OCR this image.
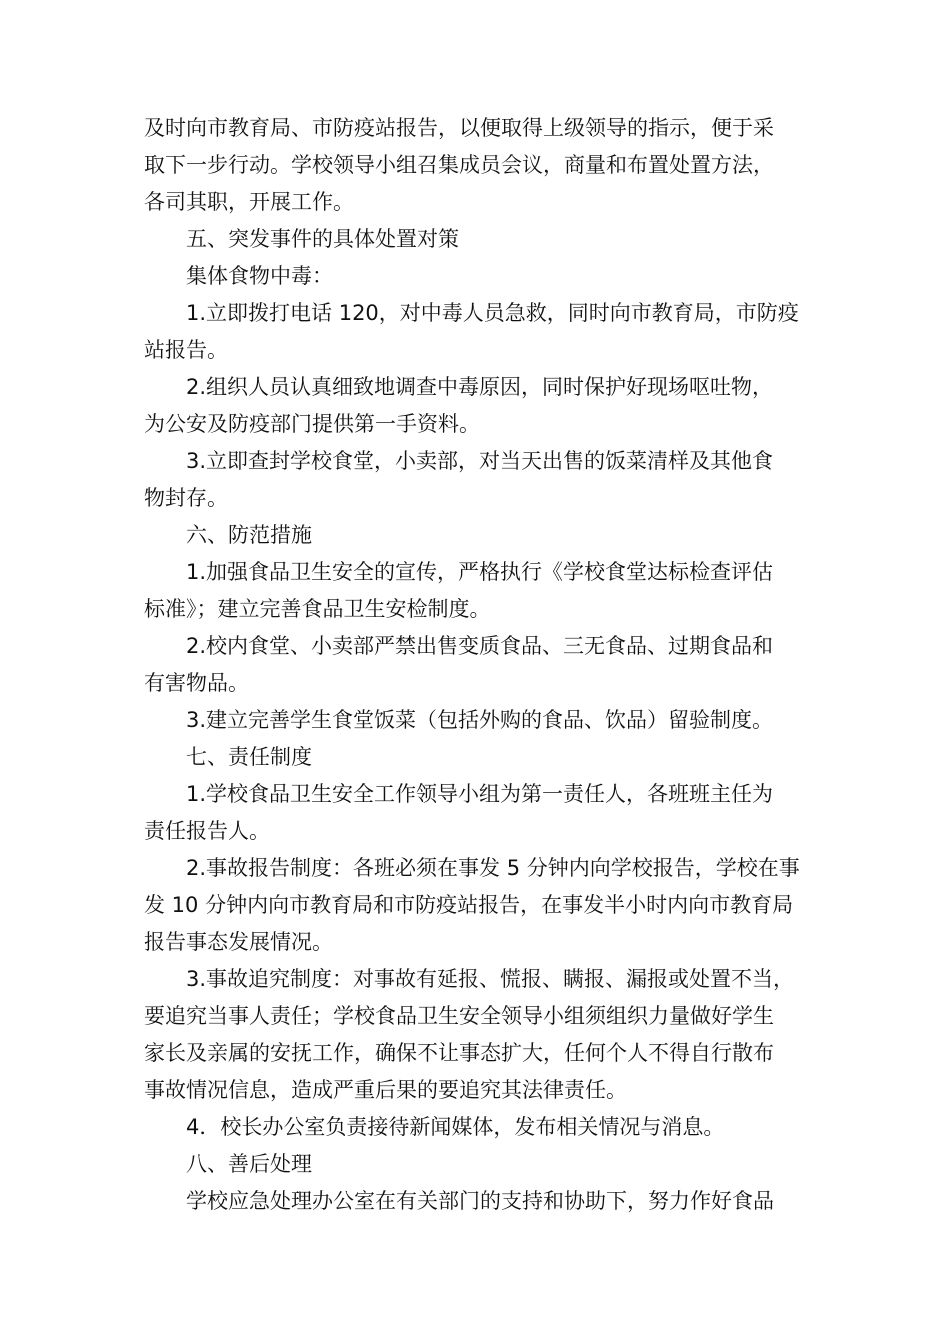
及时向市教育局、市防疫站报告，以便取得上级领导的指示，便于采
取下一步行动。学校领导小组召集成员会议，商量和布置处置方法，
各司其职，开展工作。
五、突发事件的具体处置对策
集体食物中毒：
1.立即拨打电话 120，对中毒人员急救，同时向市教育局，市防疫
站报告。
2.组织人员认真细致地调查中毒原因，同时保护好现场呕吐物，
为公安及防疫部门提供第一手资料。
3.立即查封学校食堂，小卖部，对当天出售的饭菜清样及其他食
物封存。
六、防范措施
1.加强食品卫生安全的宣传，严格执行《学校食堂达标检查评估
标准》；建立完善食品卫生安检制度。
2.校内食堂、小卖部严禁出售变质食品、三无食品、过期食品和
有害物品。
3.建立完善学生食堂饭菜（包括外购的食品、饮品）留验制度。
七、责任制度
1.学校食品卫生安全工作领导小组为第一责任人，各班班主任为
责任报告人。
2.事故报告制度：各班必须在事发 5 分钟内向学校报告，学校在事
发 10 分钟内向市教育局和市防疫站报告，在事发半小时内向市教育局
报告事态发展情况。
3.事故追究制度：对事故有延报、慌报、瞒报、漏报或处置不当，
要追究当事人责任；学校食品卫生安全领导小组须组织力量做好学生
家长及亲属的安抚工作，确保不让事态扩大，任何个人不得自行散布
事故情况信息，造成严重后果的要追究其法律责任。
4．校长办公室负责接待新闻媒体，发布相关情况与消息。
八、善后处理
学校应急处理办公室在有关部门的支持和协助下，努力作好食品
